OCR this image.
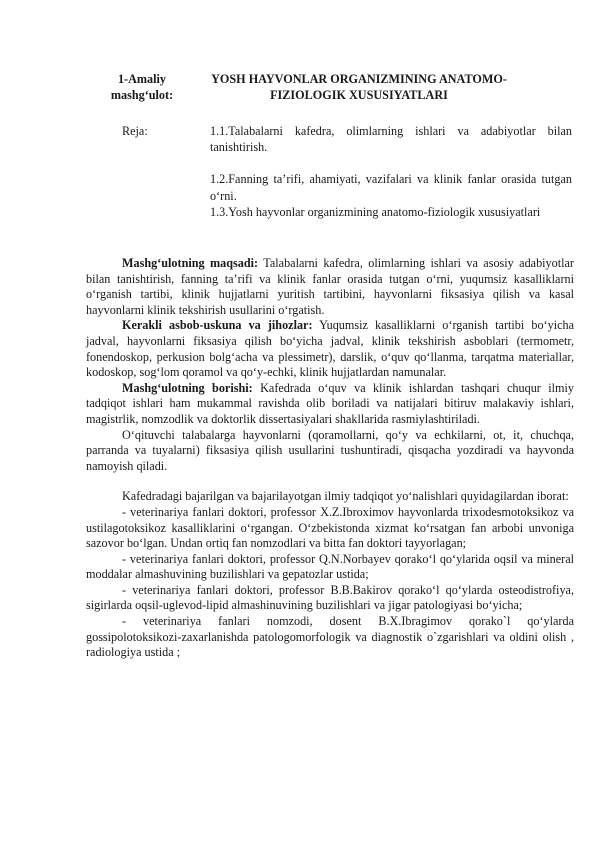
1-Amaliy mashg‘ulot:
YOSH HAYVONLAR ORGANIZMINING ANATOMO-FIZIOLOGIK XUSUSIYATLARI
Reja:	1.1.Talabalarni kafedra, olimlarning ishlari va adabiyotlar bilan tanishtirish.

1.2.Fanning ta’rifi, ahamiyati, vazifalari va klinik fanlar orasida tutgan o‘rni.

1.3.Yosh hayvonlar organizmining anatomo-fiziologik xususiyatlari

Mashg‘ulotning maqsadi: Talabalarni kafedra, olimlarning ishlari va asosiy adabiyotlar bilan tanishtirish, fanning ta’rifi va klinik fanlar orasida tutgan o‘rni, yuqumsiz kasalliklarni o‘rganish tartibi, klinik hujjatlarni yuritish tartibini, hayvonlarni fiksasiya qilish va kasal hayvonlarni klinik tekshirish usullarini o‘rgatish.

Kerakli asbob-uskuna va jihozlar: Yuqumsiz kasalliklarni o‘rganish tartibi bo‘yicha jadval, hayvonlarni fiksasiya qilish bo‘yicha jadval, klinik tekshirish asboblari (termometr, fonendoskop, perkusion bolg‘acha va plessimetr), darslik, o‘quv qo‘llanma, tarqatma materiallar, kodoskop, sog‘lom qoramol va qo‘y-echki, klinik hujjatlardan namunalar.

Mashg‘ulotning borishi: Kafedrada o‘quv va klinik ishlardan tashqari chuqur ilmiy tadqiqot ishlari ham mukammal ravishda olib boriladi va natijalari bitiruv malakaviy ishlari, magistrlik, nomzodlik va doktorlik dissertasiyalari shakllarida rasmiylashtiriladi.

O‘qituvchi talabalarga hayvonlarni (qoramollarni, qo‘y va echkilarni, ot, it, chuchqa, parranda va tuyalarni) fiksasiya qilish usullarini tushuntiradi, qisqacha yozdiradi va hayvonda namoyish qiladi.

Kafedradagi bajarilgan va bajarilayotgan ilmiy tadqiqot yo‘nalishlari quyidagilardan iborat:

- veterinariya fanlari doktori, professor X.Z.Ibroximov hayvonlarda trixodesmotoksikoz va ustilagotoksikoz kasalliklarini o‘rgangan. O‘zbekistonda xizmat ko‘rsatgan fan arbobi unvoniga sazovor bo‘lgan. Undan ortiq fan nomzodlari va bitta fan doktori tayyorlagan;

- veterinariya fanlari doktori, professor Q.N.Norbayev qorako‘l qo‘ylarida oqsil va mineral moddalar almashuvining buzilishlari va gepatozlar ustida;

- veterinariya fanlari doktori, professor B.B.Bakirov qorako‘l qo‘ylarda osteodistrofiya, sigirlarda oqsil-uglevod-lipid almashinuvining buzilishlari va jigar patologiyasi bo‘yicha;

- veterinariya fanlari nomzodi, dosent B.X.Ibragimov qorako`l qo‘ylarda gossipolotoksikozi-zaxarlanishda patologomorfologik va diagnostik o`zgarishlari va oldini olish , radiologiya ustida ;
